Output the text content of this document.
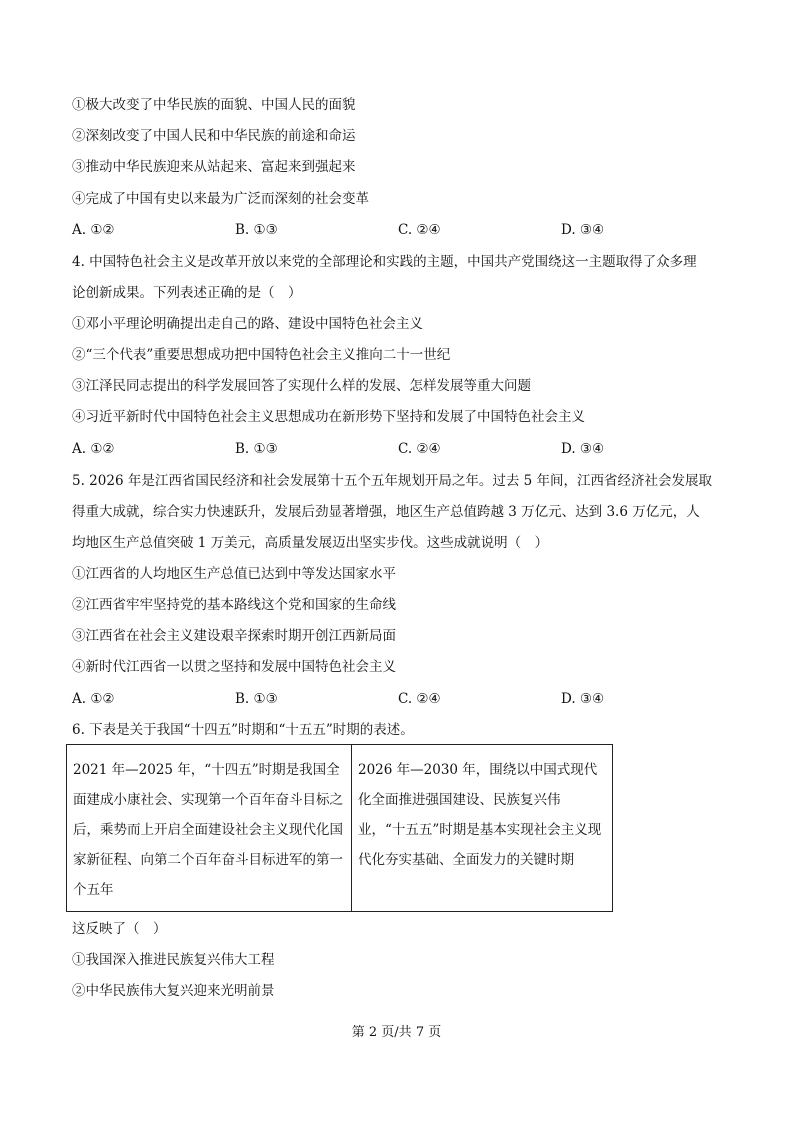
①极大改变了中华民族的面貌、中国人民的面貌
②深刻改变了中国人民和中华民族的前途和命运
③推动中华民族迎来从站起来、富起来到强起来
④完成了中国有史以来最为广泛而深刻的社会变革
A. ①②	B. ①③	C. ②④	D. ③④
4. 中国特色社会主义是改革开放以来党的全部理论和实践的主题，中国共产党围绕这一主题取得了众多理
论创新成果。下列表述正确的是（　）
①邓小平理论明确提出走自己的路、建设中国特色社会主义
②“三个代表”重要思想成功把中国特色社会主义推向二十一世纪
③江泽民同志提出的科学发展回答了实现什么样的发展、怎样发展等重大问题
④习近平新时代中国特色社会主义思想成功在新形势下坚持和发展了中国特色社会主义
A. ①②	B. ①③	C. ②④	D. ③④
5. 2026 年是江西省国民经济和社会发展第十五个五年规划开局之年。过去 5 年间，江西省经济社会发展取
得重大成就，综合实力快速跃升，发展后劲显著增强，地区生产总值跨越 3 万亿元、达到 3.6 万亿元，人
均地区生产总值突破 1 万美元，高质量发展迈出坚实步伐。这些成就说明（　）
①江西省的人均地区生产总值已达到中等发达国家水平
②江西省牢牢坚持党的基本路线这个党和国家的生命线
③江西省在社会主义建设艰辛探索时期开创江西新局面
④新时代江西省一以贯之坚持和发展中国特色社会主义
A. ①②	B. ①③	C. ②④	D. ③④
6. 下表是关于我国“十四五”时期和“十五五”时期的表述。
2021 年—2025 年，“十四五”时期是我国全面建成小康社会、实现第一个百年奋斗目标之后，乘势而上开启全面建设社会主义现代化国家新征程、向第二个百年奋斗目标进军的第一个五年	2026 年—2030 年，围绕以中国式现代化全面推进强国建设、民族复兴伟业，“十五五”时期是基本实现社会主义现代化夯实基础、全面发力的关键时期
这反映了（　）
①我国深入推进民族复兴伟大工程
②中华民族伟大复兴迎来光明前景
第 2 页/共 7 页
